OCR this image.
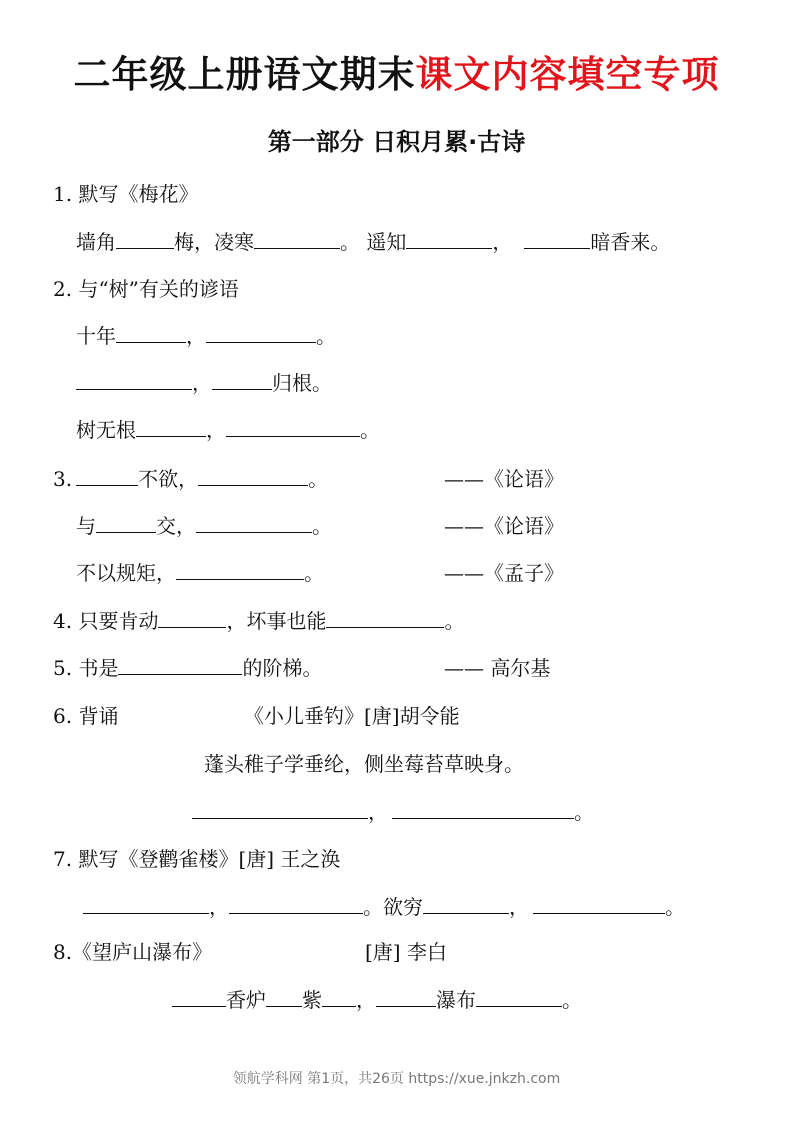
二年级上册语文期末课文内容填空专项
第一部分 日积月累·古诗
1. 默写《梅花》
墙角	梅，凌寒	。 遥知	，	暗香来。
2. 与“树”有关的谚语
十年	，	。
，	归根。
树无根	，	。
3.	不欲，	。	——《论语》
与	交，	。	——《论语》
不以规矩，	。	——《孟子》
4. 只要肯动	，坏事也能	。
5. 书是	的阶梯。	—— 高尔基
6. 背诵	《小儿垂钓》[唐]胡令能
蓬头稚子学垂纶，侧坐莓苔草映身。
，	。
7. 默写《登鹳雀楼》[唐] 王之涣
，	。欲穷	，	。
8.《望庐山瀑布》	[唐] 李白
香炉 紫 ，	瀑布	。
领航学科网 第1页，共26页 https://xue.jnkzh.com
